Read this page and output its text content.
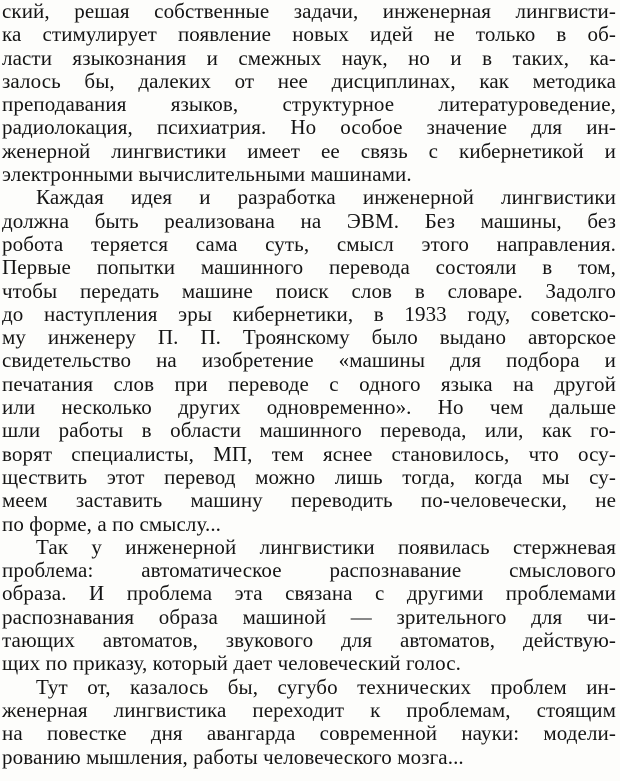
ский, решая собственные задачи, инженерная лингвисти-
ка стимулирует появление новых идей не только в об-
ласти языкознания и смежных наук, но и в таких, ка-
залось бы, далеких от нее дисциплинах, как методика
преподавания языков, структурное литературоведение,
радиолокация, психиатрия. Но особое значение для ин-
женерной лингвистики имеет ее связь с кибернетикой и
электронными вычислительными машинами.
Каждая идея и разработка инженерной лингвистики
должна быть реализована на ЭВМ. Без машины, без
робота теряется сама суть, смысл этого направления.
Первые попытки машинного перевода состояли в том,
чтобы передать машине поиск слов в словаре. Задолго
до наступления эры кибернетики, в 1933 году, советско-
му инженеру П. П. Троянскому было выдано авторское
свидетельство на изобретение «машины для подбора и
печатания слов при переводе с одного языка на другой
или несколько других одновременно». Но чем дальше
шли работы в области машинного перевода, или, как го-
ворят специалисты, МП, тем яснее становилось, что осу-
ществить этот перевод можно лишь тогда, когда мы су-
меем заставить машину переводить по-человечески, не
по форме, а по смыслу...
Так у инженерной лингвистики появилась стержневая
проблема: автоматическое распознавание смыслового
образа. И проблема эта связана с другими проблемами
распознавания образа машиной — зрительного для чи-
тающих автоматов, звукового для автоматов, действую-
щих по приказу, который дает человеческий голос.
Тут от, казалось бы, сугубо технических проблем ин-
женерная лингвистика переходит к проблемам, стоящим
на повестке дня авангарда современной науки: модели-
рованию мышления, работы человеческого мозга...
